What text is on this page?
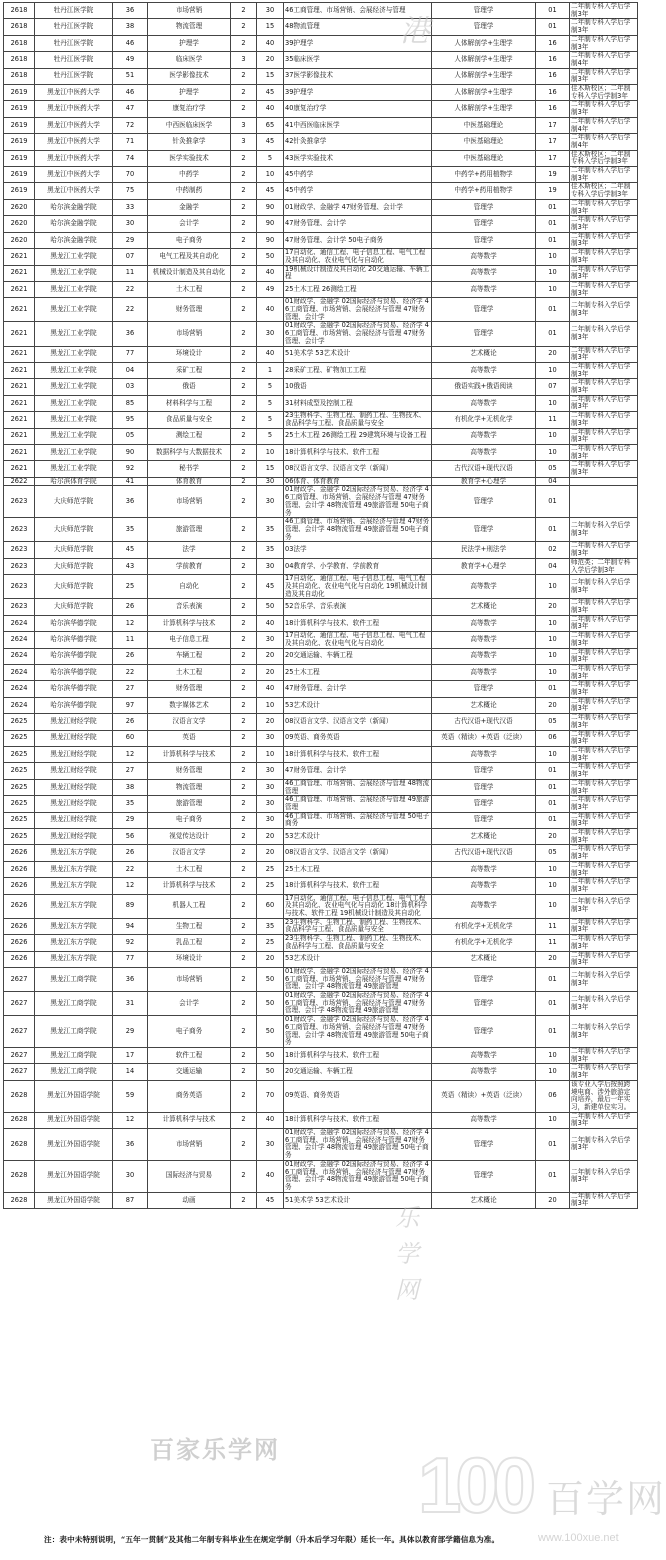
2618	牡丹江医学院	36	市场营销	2	30	46工商管理、市场营销、会展经济与管理	管理学	01	二年制专科入学后学制3年
2618	牡丹江医学院	38	物流管理	2	15	48物流管理	管理学	01	二年制专科入学后学制3年
2618	牡丹江医学院	46	护理学	2	40	39护理学	人体解剖学+生理学	16	二年制专科入学后学制3年
2618	牡丹江医学院	49	临床医学	3	20	35临床医学	人体解剖学+生理学	16	二年制专科入学后学制4年
2618	牡丹江医学院	51	医学影像技术	2	15	37医学影像技术	人体解剖学+生理学	16	二年制专科入学后学制3年
2619	黑龙江中医药大学	46	护理学	2	45	39护理学	人体解剖学+生理学	16	佳木斯校区；二年制专科入学后学制3年
2619	黑龙江中医药大学	47	康复治疗学	2	40	40康复治疗学	人体解剖学+生理学	16	二年制专科入学后学制3年
2619	黑龙江中医药大学	72	中西医临床医学	3	65	41中西医临床医学	中医基础理论	17	二年制专科入学后学制4年
2619	黑龙江中医药大学	71	针灸推拿学	3	45	42针灸推拿学	中医基础理论	17	二年制专科入学后学制4年
2619	黑龙江中医药大学	74	医学实验技术	2	5	43医学实验技术	中医基础理论	17	佳木斯校区；二年制专科入学后学制3年
2619	黑龙江中医药大学	70	中药学	2	10	45中药学	中药学+药用植物学	19	二年制专科入学后学制3年
2619	黑龙江中医药大学	75	中药制药	2	45	45中药学	中药学+药用植物学	19	佳木斯校区；二年制专科入学后学制3年
2620	哈尔滨金融学院	33	金融学	2	90	01财政学、金融学 47财务管理、会计学	管理学	01	二年制专科入学后学制3年
2620	哈尔滨金融学院	30	会计学	2	90	47财务管理、会计学	管理学	01	二年制专科入学后学制3年
2620	哈尔滨金融学院	29	电子商务	2	90	47财务管理、会计学 50电子商务	管理学	01	二年制专科入学后学制3年
2621	黑龙江工业学院	07	电气工程及其自动化	2	50	17自动化、通信工程、电子信息工程、电气工程及其自动化、农业电气化与自动化	高等数学	10	二年制专科入学后学制3年
2621	黑龙江工业学院	11	机械设计制造及其自动化	2	40	19机械设计制造及其自动化 20交通运输、车辆工程	高等数学	10	二年制专科入学后学制3年
2621	黑龙江工业学院	22	土木工程	2	49	25土木工程 26测绘工程	高等数学	10	二年制专科入学后学制3年
2621	黑龙江工业学院	22	财务管理	2	40	01财政学、金融学 02国际经济与贸易、经济学 46工商管理、市场营销、会展经济与管理 47财务管理、会计学	管理学	01	二年制专科入学后学制3年
2621	黑龙江工业学院	36	市场营销	2	30	01财政学、金融学 02国际经济与贸易、经济学 46工商管理、市场营销、会展经济与管理 47财务管理、会计学	管理学	01	二年制专科入学后学制3年
2621	黑龙江工业学院	77	环境设计	2	40	51美术学 53艺术设计	艺术概论	20	二年制专科入学后学制3年
2621	黑龙江工业学院	04	采矿工程	2	1	28采矿工程、矿物加工工程	高等数学	10	二年制专科入学后学制3年
2621	黑龙江工业学院	03	俄语	2	5	10俄语	俄语实践+俄语阅读	07	二年制专科入学后学制3年
2621	黑龙江工业学院	85	材料科学与工程	2	5	31材料成型及控制工程	高等数学	10	二年制专科入学后学制3年
2621	黑龙江工业学院	95	食品质量与安全	2	5	23生物科学、生物工程、制药工程、生物技术、食品科学与工程、食品质量与安全	有机化学+无机化学	11	二年制专科入学后学制3年
2621	黑龙江工业学院	05	测绘工程	2	5	25土木工程 26测绘工程 29建筑环境与设备工程	高等数学	10	二年制专科入学后学制3年
2621	黑龙江工业学院	90	数据科学与大数据技术	2	10	18计算机科学与技术、软件工程	高等数学	10	二年制专科入学后学制3年
2621	黑龙江工业学院	92	秘书学	2	15	08汉语言文学、汉语言文学（新闻）	古代汉语+现代汉语	05	二年制专科入学后学制3年
2622	哈尔滨体育学院	41	体育教育	2	30	06体育、体育教育	教育学+心理学	04	
2623	大庆师范学院	36	市场营销	2	30	01财政学、金融学 02国际经济与贸易、经济学 46工商管理、市场营销、会展经济与管理 47财务管理、会计学 48物流管理 49旅游管理 50电子商务	管理学	01	
2623	大庆师范学院	35	旅游管理	2	35	46工商管理、市场营销、会展经济与管理 47财务管理、会计学 48物流管理 49旅游管理 50电子商务	管理学	01	二年制专科入学后学制3年
2623	大庆师范学院	45	法学	2	35	03法学	民法学+刑法学	02	二年制专科入学后学制3年
2623	大庆师范学院	43	学前教育	2	30	04教育学、小学教育、学前教育	教育学+心理学	04	师范类；二年制专科入学后学制3年
2623	大庆师范学院	25	自动化	2	45	17自动化、通信工程、电子信息工程、电气工程及其自动化、农业电气化与自动化 19机械设计制造及其自动化	高等数学	10	二年制专科入学后学制3年
2623	大庆师范学院	26	音乐表演	2	50	52音乐学、音乐表演	艺术概论	20	二年制专科入学后学制3年
2624	哈尔滨华德学院	12	计算机科学与技术	2	40	18计算机科学与技术、软件工程	高等数学	10	二年制专科入学后学制3年
2624	哈尔滨华德学院	11	电子信息工程	2	30	17自动化、通信工程、电子信息工程、电气工程及其自动化、农业电气化与自动化	高等数学	10	二年制专科入学后学制3年
2624	哈尔滨华德学院	26	车辆工程	2	20	20交通运输、车辆工程	高等数学	10	二年制专科入学后学制3年
2624	哈尔滨华德学院	22	土木工程	2	20	25土木工程	高等数学	10	二年制专科入学后学制3年
2624	哈尔滨华德学院	27	财务管理	2	40	47财务管理、会计学	管理学	01	二年制专科入学后学制3年
2624	哈尔滨华德学院	97	数字媒体艺术	2	10	53艺术设计	艺术概论	20	二年制专科入学后学制3年
2625	黑龙江财经学院	26	汉语言文学	2	20	08汉语言文学、汉语言文学（新闻）	古代汉语+现代汉语	05	二年制专科入学后学制3年
2625	黑龙江财经学院	60	英语	2	30	09英语、商务英语	英语（精读）+英语（泛读）	06	二年制专科入学后学制3年
2625	黑龙江财经学院	12	计算机科学与技术	2	10	18计算机科学与技术、软件工程	高等数学	10	二年制专科入学后学制3年
2625	黑龙江财经学院	27	财务管理	2	30	47财务管理、会计学	管理学	01	二年制专科入学后学制3年
2625	黑龙江财经学院	38	物流管理	2	30	46工商管理、市场营销、会展经济与管理 48物流管理	管理学	01	二年制专科入学后学制3年
2625	黑龙江财经学院	35	旅游管理	2	30	46工商管理、市场营销、会展经济与管理 49旅游管理	管理学	01	二年制专科入学后学制3年
2625	黑龙江财经学院	29	电子商务	2	30	46工商管理、市场营销、会展经济与管理 50电子商务	管理学	01	二年制专科入学后学制3年
2625	黑龙江财经学院	56	视觉传达设计	2	20	53艺术设计	艺术概论	20	二年制专科入学后学制3年
2626	黑龙江东方学院	26	汉语言文学	2	20	08汉语言文学、汉语言文学（新闻）	古代汉语+现代汉语	05	二年制专科入学后学制3年
2626	黑龙江东方学院	22	土木工程	2	25	25土木工程	高等数学	10	二年制专科入学后学制3年
2626	黑龙江东方学院	12	计算机科学与技术	2	25	18计算机科学与技术、软件工程	高等数学	10	二年制专科入学后学制3年
2626	黑龙江东方学院	89	机器人工程	2	60	17自动化、通信工程、电子信息工程、电气工程及其自动化、农业电气化与自动化 18计算机科学与技术、软件工程 19机械设计制造及其自动化	高等数学	10	二年制专科入学后学制3年
2626	黑龙江东方学院	94	生物工程	2	35	23生物科学、生物工程、制药工程、生物技术、食品科学与工程、食品质量与安全	有机化学+无机化学	11	二年制专科入学后学制3年
2626	黑龙江东方学院	92	乳品工程	2	25	23生物科学、生物工程、制药工程、生物技术、食品科学与工程、食品质量与安全	有机化学+无机化学	11	二年制专科入学后学制3年
2626	黑龙江东方学院	77	环境设计	2	20	53艺术设计	艺术概论	20	二年制专科入学后学制3年
2627	黑龙江工商学院	36	市场营销	2	50	01财政学、金融学 02国际经济与贸易、经济学 46工商管理、市场营销、会展经济与管理 47财务管理、会计学 48物流管理 49旅游管理	管理学	01	二年制专科入学后学制3年
2627	黑龙江工商学院	31	会计学	2	50	01财政学、金融学 02国际经济与贸易、经济学 46工商管理、市场营销、会展经济与管理 47财务管理、会计学 48物流管理 49旅游管理	管理学	01	二年制专科入学后学制3年
2627	黑龙江工商学院	29	电子商务	2	50	01财政学、金融学 02国际经济与贸易、经济学 46工商管理、市场营销、会展经济与管理 47财务管理、会计学 48物流管理 49旅游管理 50电子商务	管理学	01	二年制专科入学后学制3年
2627	黑龙江工商学院	17	软件工程	2	50	18计算机科学与技术、软件工程	高等数学	10	二年制专科入学后学制3年
2627	黑龙江工商学院	14	交通运输	2	50	20交通运输、车辆工程	高等数学	10	二年制专科入学后学制3年
2628	黑龙江外国语学院	59	商务英语	2	70	09英语、商务英语	英语（精读）+英语（泛读）	06	该专业入学后按照跨境电商、涉外旅游定向培养，最后一年实习，新建单位实习。
2628	黑龙江外国语学院	12	计算机科学与技术	2	40	18计算机科学与技术、软件工程	高等数学	10	二年制专科入学后学制3年
2628	黑龙江外国语学院	36	市场营销	2	30	01财政学、金融学 02国际经济与贸易、经济学 46工商管理、市场营销、会展经济与管理 47财务管理、会计学 48物流管理 49旅游管理 50电子商务	管理学	01	二年制专科入学后学制3年
2628	黑龙江外国语学院	30	国际经济与贸易	2	40	01财政学、金融学 02国际经济与贸易、经济学 46工商管理、市场营销、会展经济与管理 47财务管理、会计学 48物流管理 49旅游管理 50电子商务	管理学	01	二年制专科入学后学制3年
2628	黑龙江外国语学院	87	动画	2	45	51美术学 53艺术设计	艺术概论	20	二年制专科入学后学制3年
港
乐学网
百家乐学网 100 百学网
www.100xue.net
注：表中未特别说明，“五年一贯制”及其他二年制专科毕业生在规定学制（升本后学习年限）延长一年。具体以教育部学籍信息为准。
